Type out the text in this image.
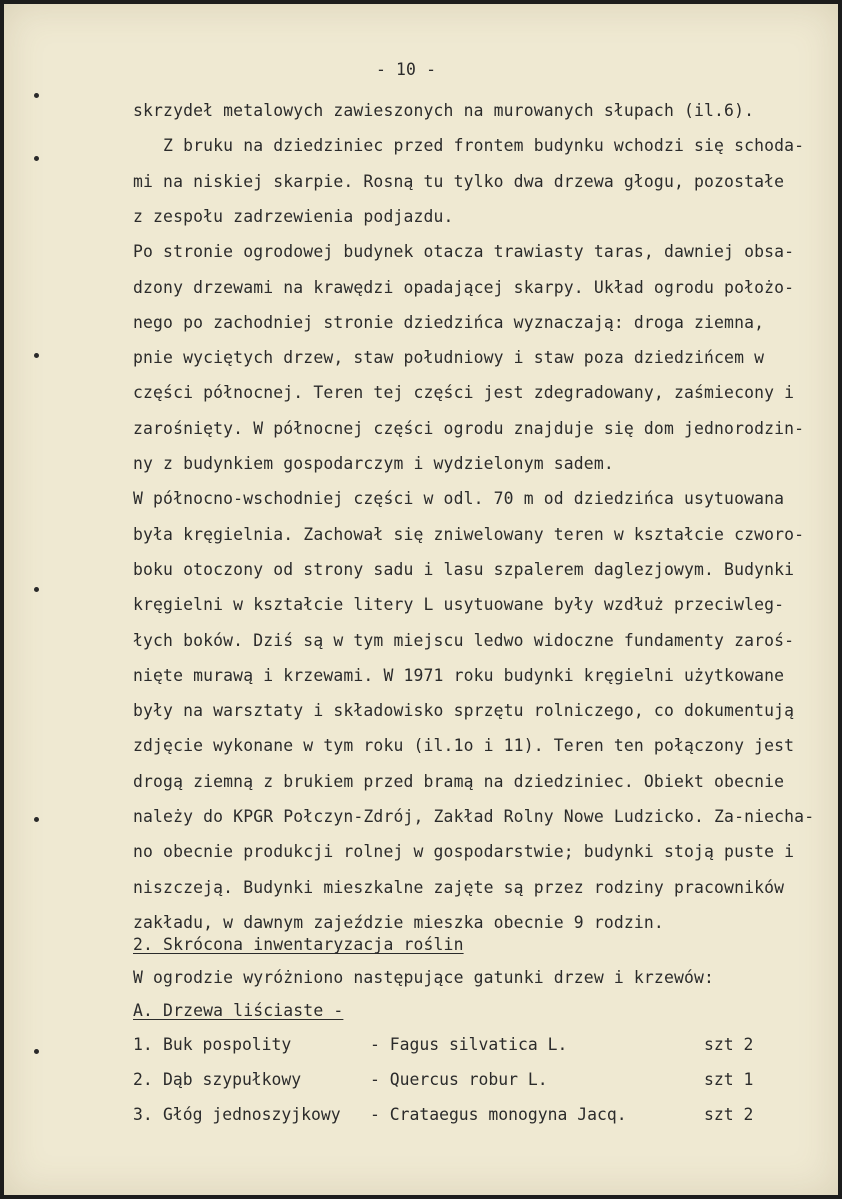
- 10 -
skrzydeł metalowych zawieszonych na murowanych słupach (il.6).
Z bruku na dziedziniec przed frontem budynku wchodzi się schoda-
mi na niskiej skarpie. Rosną tu tylko dwa drzewa głogu, pozostałe
z zespołu zadrzewienia podjazdu.
Po stronie ogrodowej budynek otacza trawiasty taras, dawniej obsa-
dzony drzewami na krawędzi opadającej skarpy. Układ ogrodu położo-
nego po zachodniej stronie dziedzińca wyznaczają: droga ziemna,
pnie wyciętych drzew, staw południowy i staw poza dziedzińcem w
części północnej. Teren tej części jest zdegradowany, zaśmiecony i
zarośnięty. W północnej części ogrodu znajduje się dom jednorodzin-
ny z budynkiem gospodarczym i wydzielonym sadem.
W północno-wschodniej części w odl. 70 m od dziedzińca usytuowana
była kręgielnia. Zachował się zniwelowany teren w kształcie czworo-
boku otoczony od strony sadu i lasu szpalerem daglezjowym. Budynki
kręgielni w kształcie litery L usytuowane były wzdłuż przeciwleg-
łych boków. Dziś są w tym miejscu ledwo widoczne fundamenty zaroś-
nięte murawą i krzewami. W 1971 roku budynki kręgielni użytkowane
były na warsztaty i składowisko sprzętu rolniczego, co dokumentują
zdjęcie wykonane w tym roku (il.1o i 11). Teren ten połączony jest
drogą ziemną z brukiem przed bramą na dziedziniec. Obiekt obecnie
należy do KPGR Połczyn-Zdrój, Zakład Rolny Nowe Ludzicko. Za-niecha-
no obecnie produkcji rolnej w gospodarstwie; budynki stoją puste i
niszczeją. Budynki mieszkalne zajęte są przez rodziny pracowników
zakładu, w dawnym zajeździe mieszka obecnie 9 rodzin.
2. Skrócona inwentaryzacja roślin
W ogrodzie wyróżniono następujące gatunki drzew i krzewów:
A. Drzewa liściaste -
1. Buk pospolity	- Fagus silvatica L.	szt 2
2. Dąb szypułkowy	- Quercus robur L.	szt 1
3. Głóg jednoszyjkowy - Crataegus monogyna Jacq.	szt 2
